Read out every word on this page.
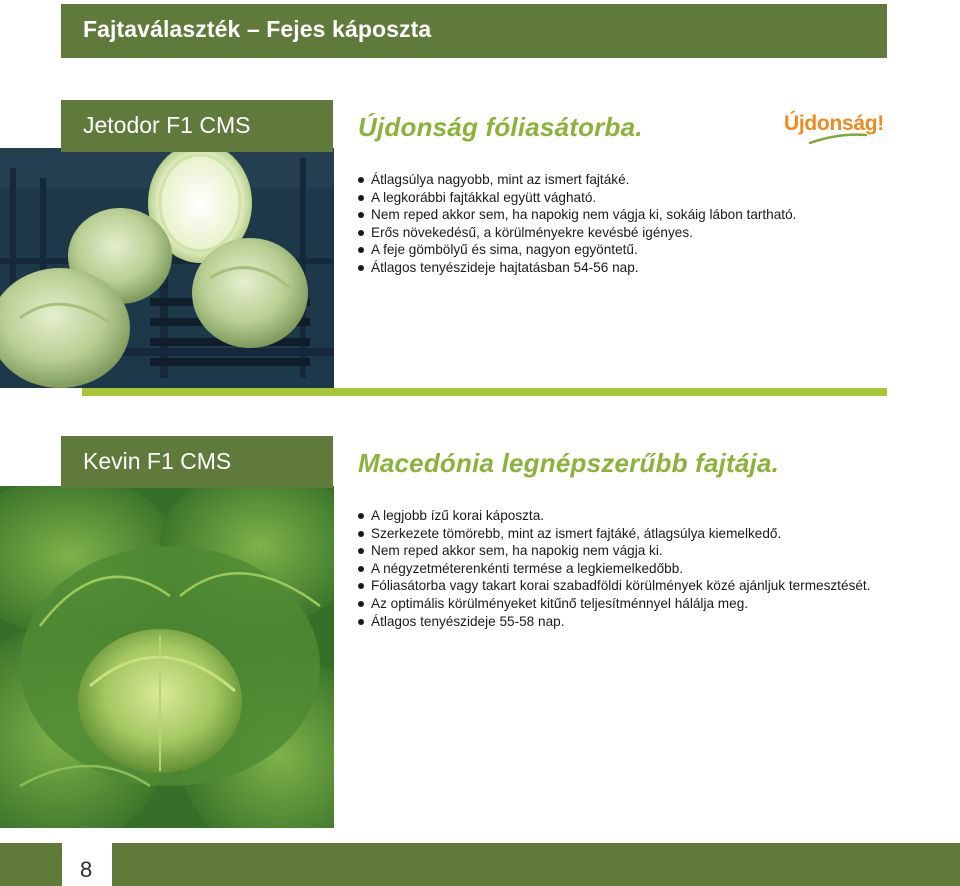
Fajtaválaszték – Fejes káposzta
Jetodor F1 CMS	Újdonság fóliasátorba.	Újdonság!
Átlagsúlya nagyobb, mint az ismert fajtáké.
A legkorábbi fajtákkal együtt vágható.
Nem reped akkor sem, ha napokig nem vágja ki, sokáig lábon tartható.
Erős növekedésű, a körülményekre kevésbé igényes.
A feje gömbölyű és sima, nagyon egyöntetű.
Átlagos tenyészideje hajtatásban 54-56 nap.
Kevin F1 CMS	Macedónia legnépszerűbb fajtája.
A legjobb ízű korai káposzta.
Szerkezete tömörebb, mint az ismert fajtáké, átlagsúlya kiemelkedő.
Nem reped akkor sem, ha napokig nem vágja ki.
A négyzetméterenkénti termése a legkiemelkedőbb.
Fóliasátorba vagy takart korai szabadföldi körülmények közé ajánljuk termesztését.
Az optimális körülményeket kitűnő teljesítménnyel hálálja meg.
Átlagos tenyészideje 55-58 nap.
8
